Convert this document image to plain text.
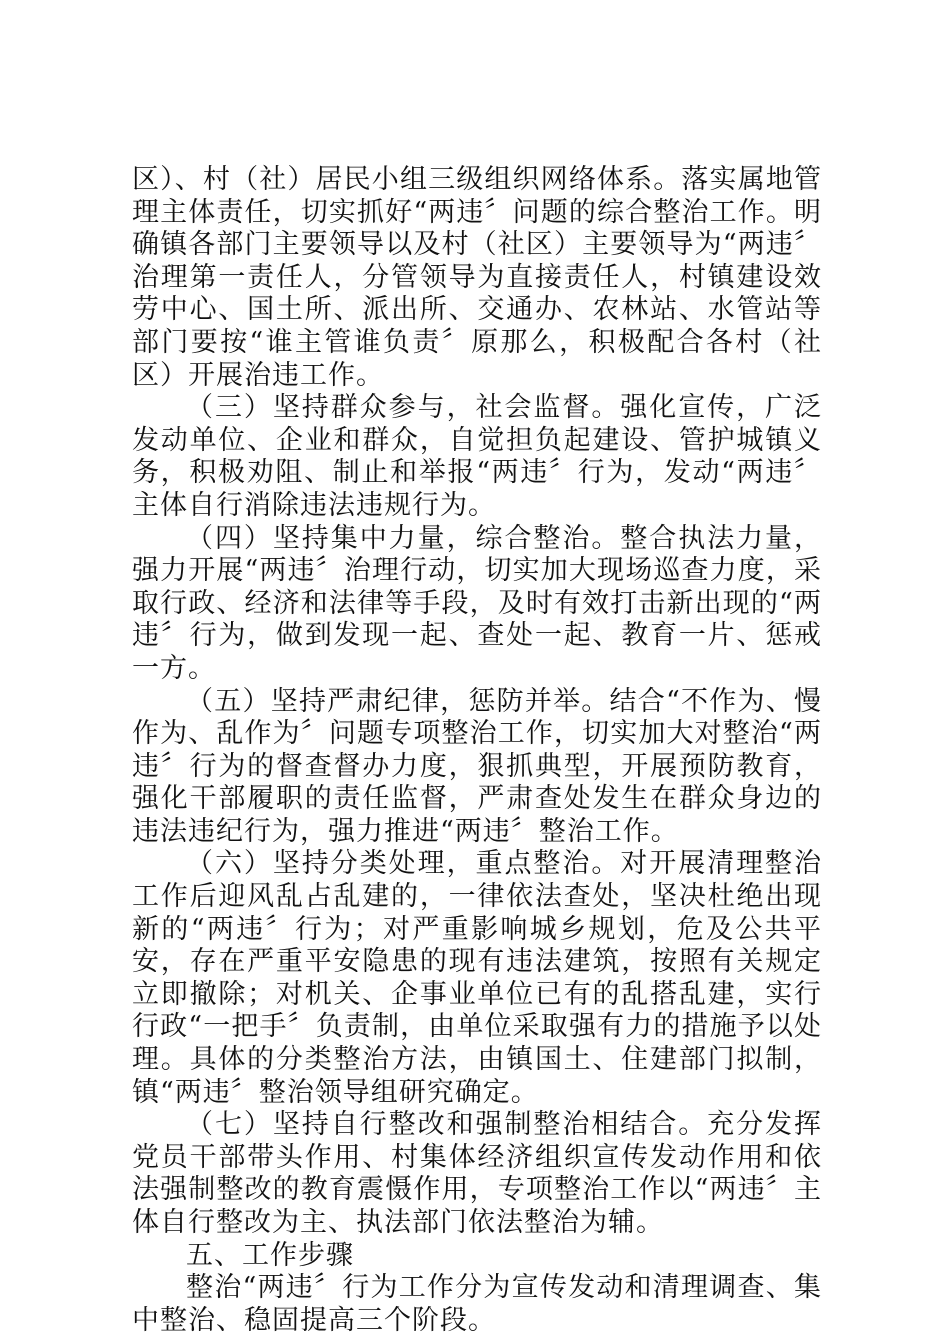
区）、村（社）居民小组三级组织网络体系。落实属地管理主体责任，切实抓好“两违〞问题的综合整治工作。明确镇各部门主要领导以及村（社区）主要领导为“两违〞治理第一责任人，分管领导为直接责任人，村镇建设效劳中心、国土所、派出所、交通办、农林站、水管站等部门要按“谁主管谁负责〞原那么，积极配合各村（社区）开展治违工作。

（三）坚持群众参与，社会监督。强化宣传，广泛发动单位、企业和群众，自觉担负起建设、管护城镇义务，积极劝阻、制止和举报“两违〞行为，发动“两违〞主体自行消除违法违规行为。

（四）坚持集中力量，综合整治。整合执法力量，强力开展“两违〞治理行动，切实加大现场巡查力度，采取行政、经济和法律等手段，及时有效打击新出现的“两违〞行为，做到发现一起、查处一起、教育一片、惩戒一方。

（五）坚持严肃纪律，惩防并举。结合“不作为、慢作为、乱作为〞问题专项整治工作，切实加大对整治“两违〞行为的督查督办力度，狠抓典型，开展预防教育，强化干部履职的责任监督，严肃查处发生在群众身边的违法违纪行为，强力推进“两违〞整治工作。

（六）坚持分类处理，重点整治。对开展清理整治工作后迎风乱占乱建的，一律依法查处，坚决杜绝出现新的“两违〞行为；对严重影响城乡规划，危及公共平安，存在严重平安隐患的现有违法建筑，按照有关规定立即撤除；对机关、企事业单位已有的乱搭乱建，实行行政“一把手〞负责制，由单位采取强有力的措施予以处理。具体的分类整治方法，由镇国土、住建部门拟制，镇“两违〞整治领导组研究确定。

（七）坚持自行整改和强制整治相结合。充分发挥党员干部带头作用、村集体经济组织宣传发动作用和依法强制整改的教育震慑作用，专项整治工作以“两违〞主体自行整改为主、执法部门依法整治为辅。

五、工作步骤

整治“两违〞行为工作分为宣传发动和清理调查、集中整治、稳固提高三个阶段。
